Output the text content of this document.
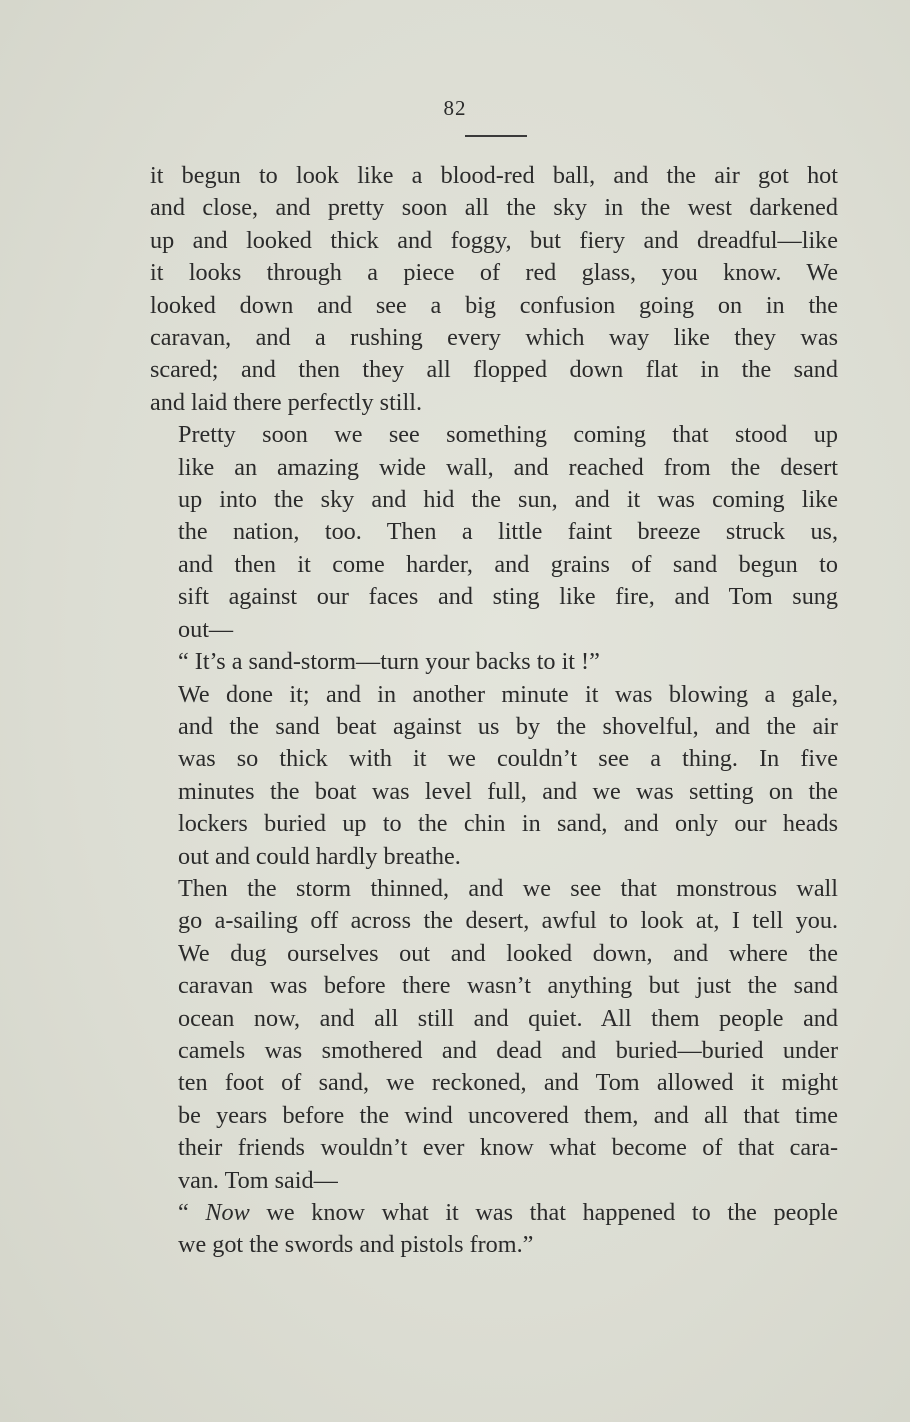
82

it begun to look like a blood-red ball, and the air got hot
and close, and pretty soon all the sky in the west darkened
up and looked thick and foggy, but fiery and dreadful—like
it looks through a piece of red glass, you know. We
looked down and see a big confusion going on in the
caravan, and a rushing every which way like they was
scared; and then they all flopped down flat in the sand
and laid there perfectly still.

Pretty soon we see something coming that stood up
like an amazing wide wall, and reached from the desert
up into the sky and hid the sun, and it was coming like
the nation, too. Then a little faint breeze struck us,
and then it come harder, and grains of sand begun to
sift against our faces and sting like fire, and Tom sung
out—

“ It’s a sand-storm—turn your backs to it !”

We done it; and in another minute it was blowing a gale,
and the sand beat against us by the shovelful, and the air
was so thick with it we couldn’t see a thing. In five
minutes the boat was level full, and we was setting on the
lockers buried up to the chin in sand, and only our heads
out and could hardly breathe.

Then the storm thinned, and we see that monstrous wall
go a-sailing off across the desert, awful to look at, I tell you.
We dug ourselves out and looked down, and where the
caravan was before there wasn’t anything but just the sand
ocean now, and all still and quiet. All them people and
camels was smothered and dead and buried—buried under
ten foot of sand, we reckoned, and Tom allowed it might
be years before the wind uncovered them, and all that time
their friends wouldn’t ever know what become of that cara-
van. Tom said—

“ Now we know what it was that happened to the people
we got the swords and pistols from.”
